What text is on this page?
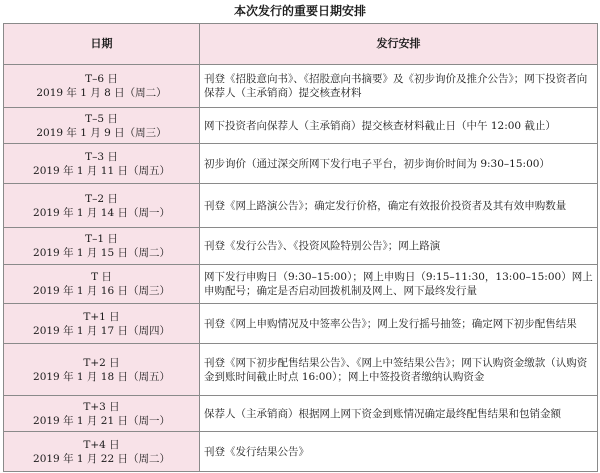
本次发行的重要日期安排
日期	发行安排

T–6 日
2019 年 1 月 8 日（周二）	刊登《招股意向书》、《招股意向书摘要》及《初步询价及推介公告》；网下投资者向保荐人（主承销商）提交核查材料

T–5 日
2019 年 1 月 9 日（周三）	网下投资者向保荐人（主承销商）提交核查材料截止日（中午 12:00 截止）

T–3 日
2019 年 1 月 11 日（周五）	初步询价（通过深交所网下发行电子平台，初步询价时间为 9:30–15:00）

T–2 日
2019 年 1 月 14 日（周一）	刊登《网上路演公告》；确定发行价格，确定有效报价投资者及其有效申购数量

T–1 日
2019 年 1 月 15 日（周二）	刊登《发行公告》、《投资风险特别公告》；网上路演

T 日
2019 年 1 月 16 日（周三）	网下发行申购日（9:30–15:00）；网上申购日（9:15–11:30，13:00–15:00）网上申购配号；确定是否启动回拨机制及网上、网下最终发行量

T+1 日
2019 年 1 月 17 日（周四）	刊登《网上申购情况及中签率公告》；网上发行摇号抽签；确定网下初步配售结果

T+2 日
2019 年 1 月 18 日（周五）	刊登《网下初步配售结果公告》、《网上中签结果公告》；网下认购资金缴款（认购资金到账时间截止时点 16:00）；网上中签投资者缴纳认购资金

T+3 日
2019 年 1 月 21 日（周一）	保荐人（主承销商）根据网上网下资金到账情况确定最终配售结果和包销金额

T+4 日
2019 年 1 月 22 日（周二）	刊登《发行结果公告》
